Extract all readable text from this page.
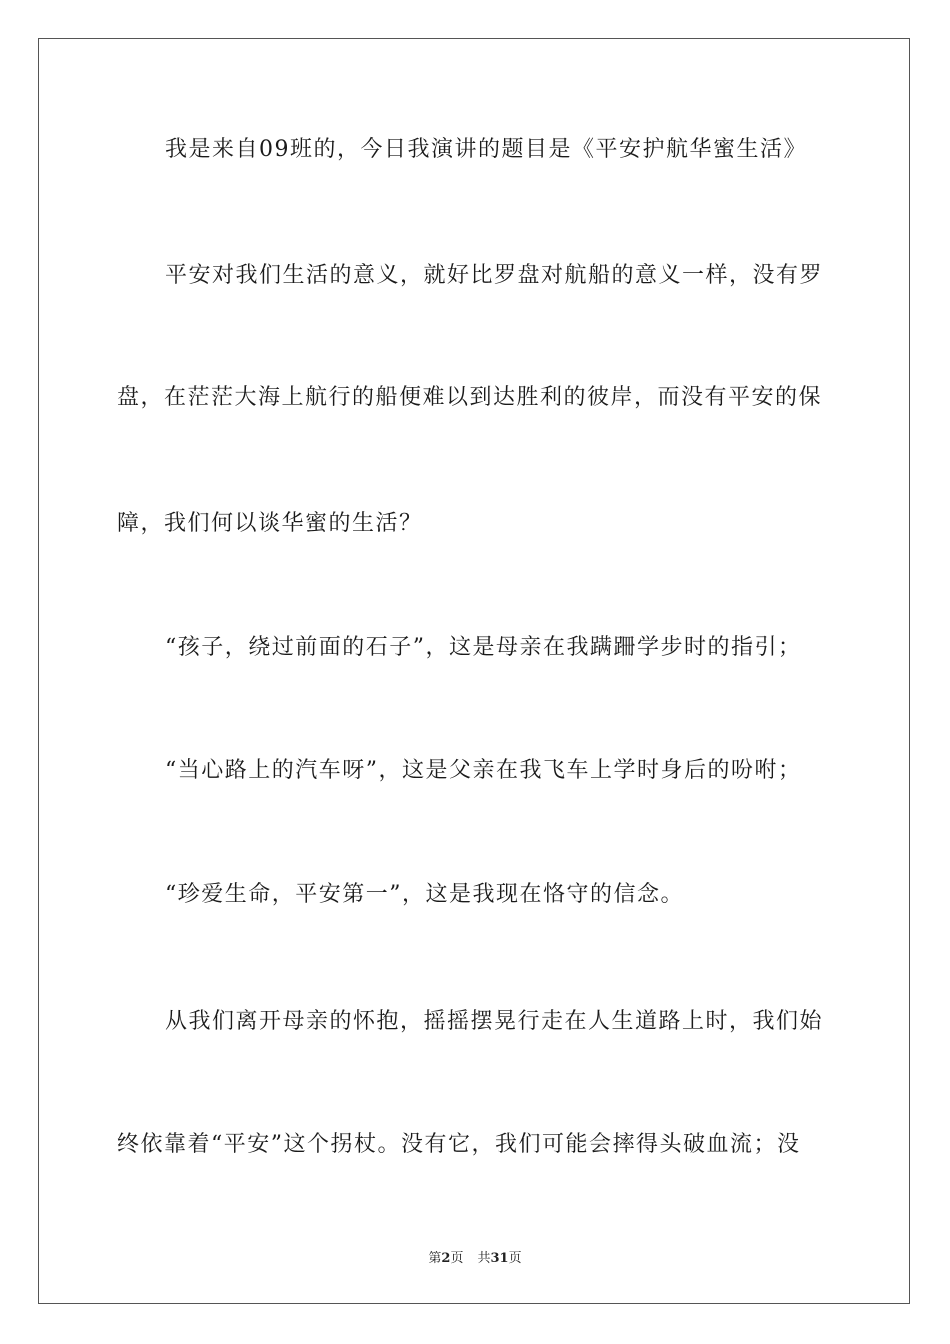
我是来自09班的，今日我演讲的题目是《平安护航华蜜生活》
平安对我们生活的意义，就好比罗盘对航船的意义一样，没有罗
盘，在茫茫大海上航行的船便难以到达胜利的彼岸，而没有平安的保
障，我们何以谈华蜜的生活？
“孩子，绕过前面的石子”，这是母亲在我蹒跚学步时的指引；
“当心路上的汽车呀”，这是父亲在我飞车上学时身后的吩咐；
“珍爱生命，平安第一”，这是我现在恪守的信念。
从我们离开母亲的怀抱，摇摇摆晃行走在人生道路上时，我们始
终依靠着“平安”这个拐杖。没有它，我们可能会摔得头破血流；没
第2页 共31页
